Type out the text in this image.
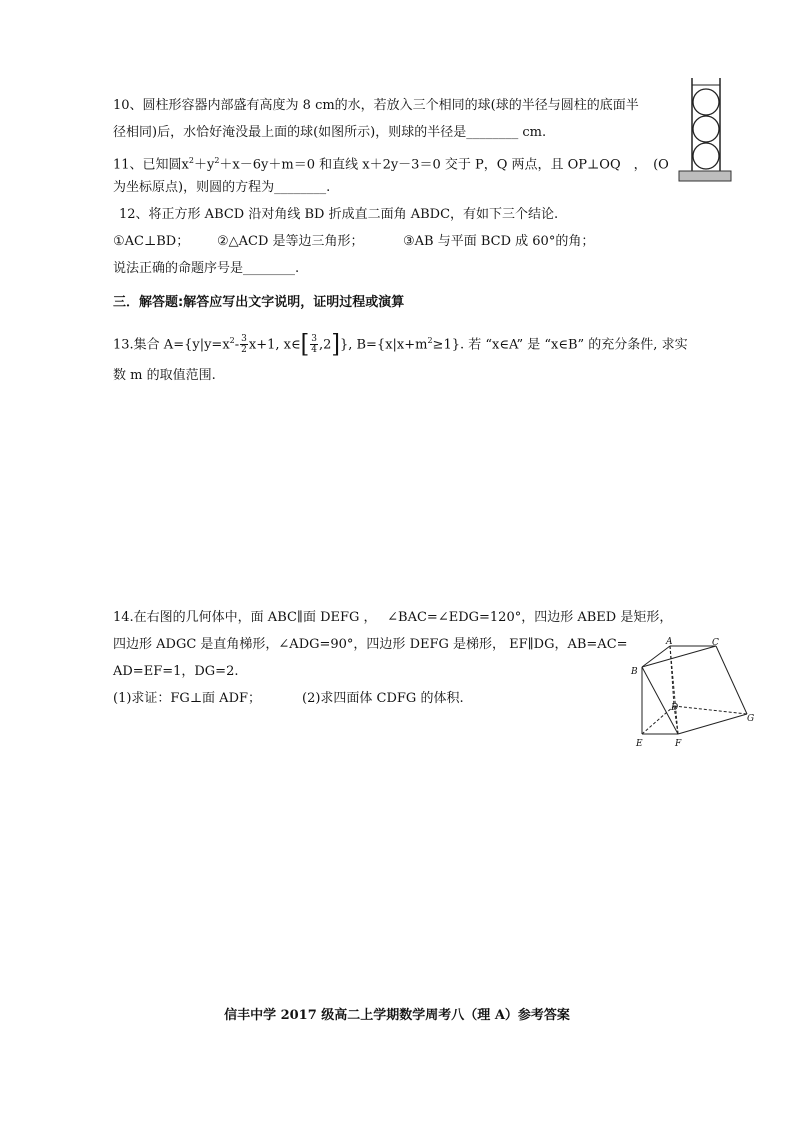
10、圆柱形容器内部盛有高度为 8 cm的水，若放入三个相同的球(球的半径与圆柱的底面半
径相同)后，水恰好淹没最上面的球(如图所示)，则球的半径是________ cm.
11、已知圆$x^2+y^2+x-6y+m=0$ 和直线 x＋2y－3＝0 交于 P，Q 两点，且 OP⊥OQ　，　(O
为坐标原点)，则圆的方程为________.
12、将正方形 ABCD 沿对角线 BD 折成直二面角 ABDC，有如下三个结论.
①AC⊥BD； ②△ACD 是等边三角形；	③AB 与平面 BCD 成 60°的角；
说法正确的命题序号是________.
三．解答题:解答应写出文字说明，证明过程或演算
13.集合 $A=\{y|y=x^2- \frac{3}{2} x+1$, x∈[ $\frac{3}{4} ,2$]}, $B=\{x|x+m^2\ge 1\}$. 若 “x∈A” 是 “x∈B” 的充分条件, 求实
数 m 的取值范围.
14.在右图的几何体中，面 ABC∥面 DEFG ，　 ∠BAC=∠EDG=120°，四边形 ABED 是矩形，
四边形 ADGC 是直角梯形，∠ADG=90°，四边形 DEFG 是梯形， EF∥DG，AB=AC=
AD=EF=1，DG=2.
(1)求证：FG⊥面 ADF；	(2)求四面体 CDFG 的体积.
A	C
B
D
E	F
G
信丰中学 2017 级高二上学期数学周考八（理 A）参考答案
